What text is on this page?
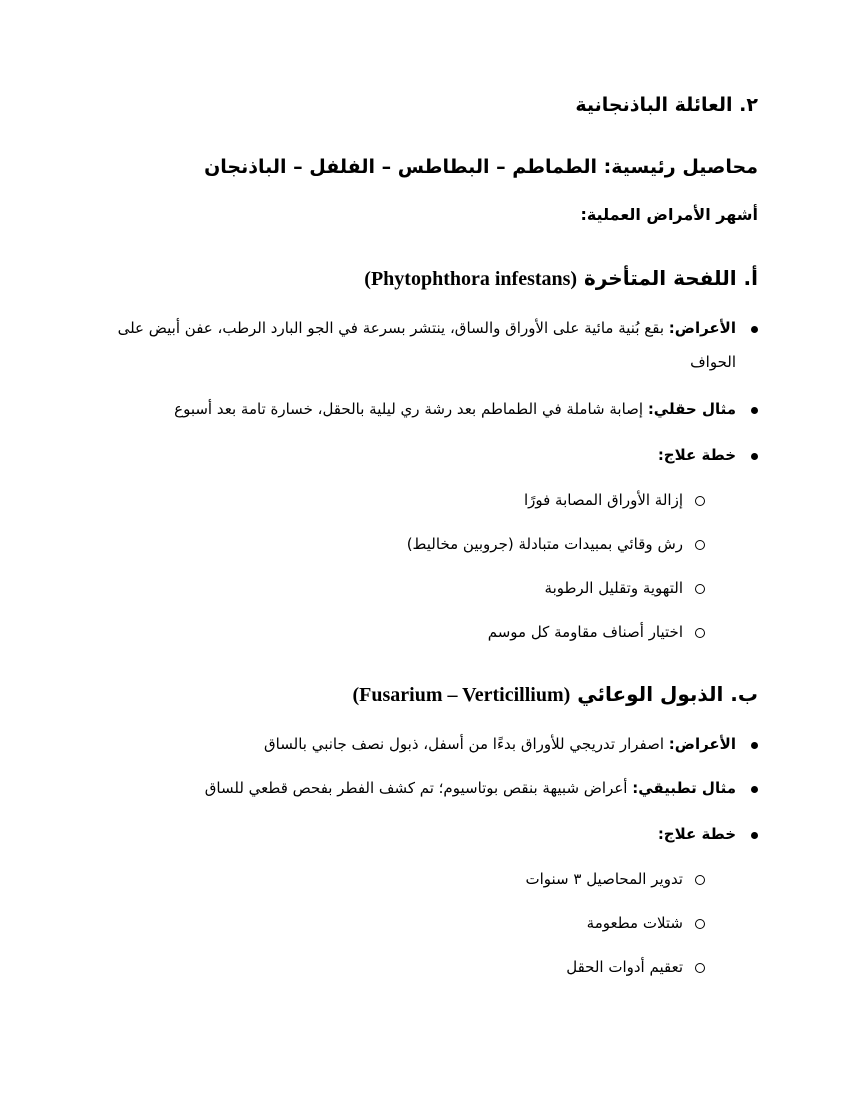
٢. العائلة الباذنجانية
محاصيل رئيسية: الطماطم – البطاطس – الفلفل – الباذنجان
أشهر الأمراض العملية:
أ. اللفحة المتأخرة (Phytophthora infestans)
الأعراض: بقع بُنية مائية على الأوراق والساق، ينتشر بسرعة في الجو البارد الرطب، عفن أبيض على الحواف
مثال حقلي: إصابة شاملة في الطماطم بعد رشة ري ليلية بالحقل، خسارة تامة بعد أسبوع
خطة علاج:
إزالة الأوراق المصابة فورًا
رش وقائي بمبيدات متبادلة (جروبين مخاليط)
التهوية وتقليل الرطوبة
اختيار أصناف مقاومة كل موسم
ب. الذبول الوعائي (Fusarium – Verticillium)
الأعراض: اصفرار تدريجي للأوراق بدءًا من أسفل، ذبول نصف جانبي بالساق
مثال تطبيقي: أعراض شبيهة بنقص بوتاسيوم؛ تم كشف الفطر بفحص قطعي للساق
خطة علاج:
تدوير المحاصيل ٣ سنوات
شتلات مطعومة
تعقيم أدوات الحقل
